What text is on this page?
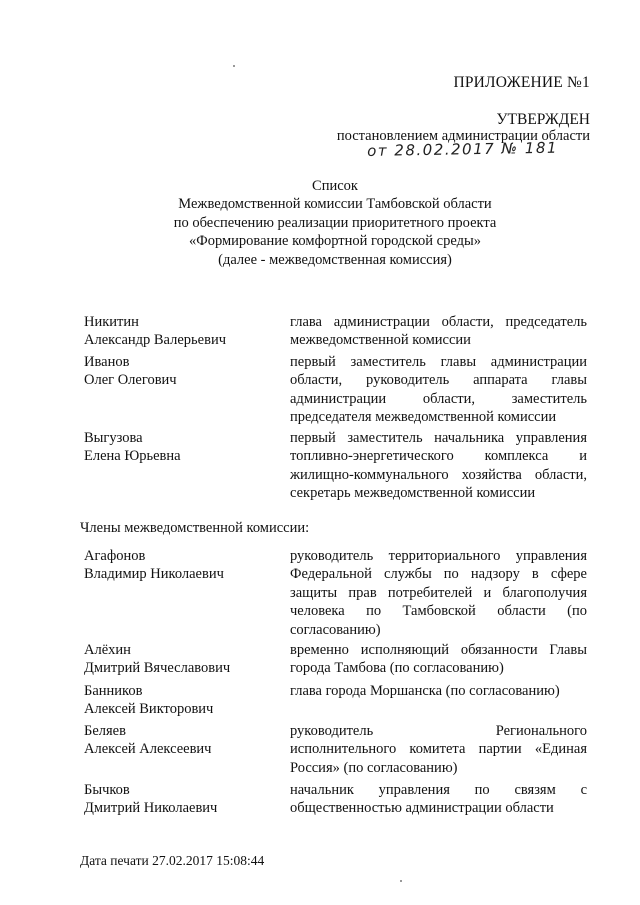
ПРИЛОЖЕНИЕ №1
УТВЕРЖДЕН
постановлением администрации области
от 28.02.2017 № 181
Список
Межведомственной комиссии Тамбовской области
по обеспечению реализации приоритетного проекта
«Формирование комфортной городской среды»
(далее - межведомственная комиссия)
Никитин
Александр Валерьевич
глава администрации области, председатель
межведомственной комиссии
Иванов
Олег Олегович
первый заместитель главы администрации
области, руководитель аппарата главы
администрации области, заместитель
председателя межведомственной комиссии
Выгузова
Елена Юрьевна
первый заместитель начальника управления
топливно-энергетического комплекса и
жилищно-коммунального хозяйства области,
секретарь межведомственной комиссии
Члены межведомственной комиссии:
Агафонов
Владимир Николаевич
руководитель территориального управления
Федеральной службы по надзору в сфере
защиты прав потребителей и благополучия
человека по Тамбовской области (по
согласованию)
Алёхин
Дмитрий Вячеславович
временно исполняющий обязанности Главы
города Тамбова (по согласованию)
Банников
Алексей Викторович
глава города Моршанска (по согласованию)
Беляев
Алексей Алексеевич
руководитель Регионального
исполнительного комитета партии «Единая
Россия» (по согласованию)
Бычков
Дмитрий Николаевич
начальник управления по связям с
общественностью администрации области
Дата печати 27.02.2017 15:08:44
